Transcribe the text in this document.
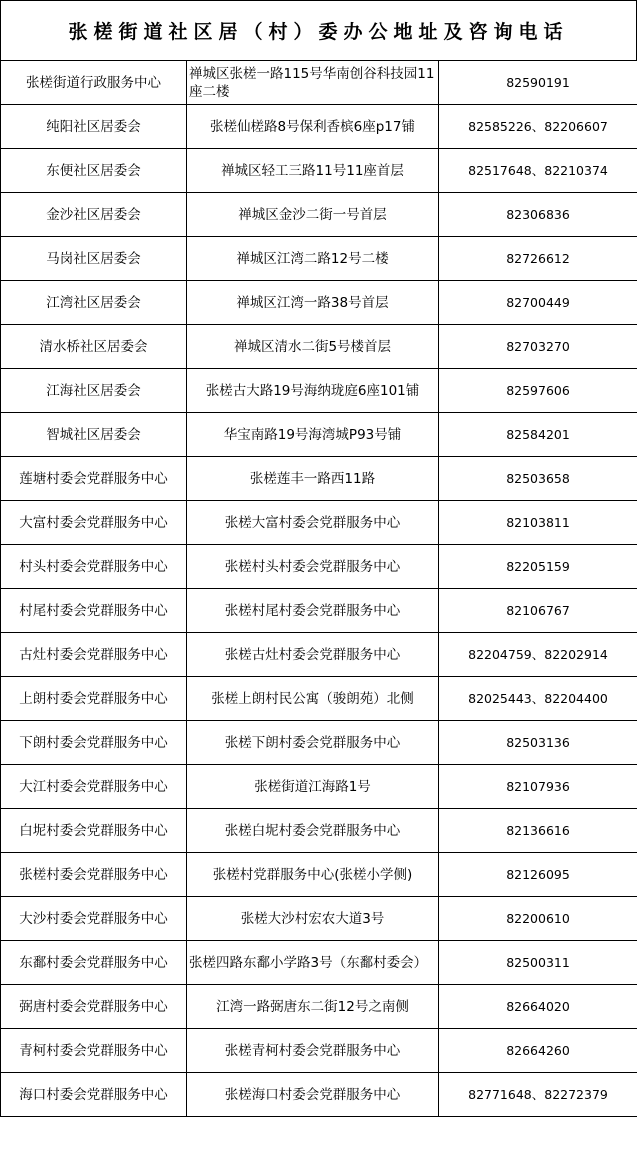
张槎街道社区居（村）委办公地址及咨询电话
张槎街道行政服务中心	禅城区张槎一路115号华南创谷科技园11座二楼	82590191
纯阳社区居委会	张槎仙槎路8号保利香槟6座p17铺	82585226、82206607
东便社区居委会	禅城区轻工三路11号11座首层	82517648、82210374
金沙社区居委会	禅城区金沙二街一号首层	82306836
马岗社区居委会	禅城区江湾二路12号二楼	82726612
江湾社区居委会	禅城区江湾一路38号首层	82700449
清水桥社区居委会	禅城区清水二街5号楼首层	82703270
江海社区居委会	张槎古大路19号海纳珑庭6座101铺	82597606
智城社区居委会	华宝南路19号海湾城P93号铺	82584201
莲塘村委会党群服务中心	张槎莲丰一路西11路	82503658
大富村委会党群服务中心	张槎大富村委会党群服务中心	82103811
村头村委会党群服务中心	张槎村头村委会党群服务中心	82205159
村尾村委会党群服务中心	张槎村尾村委会党群服务中心	82106767
古灶村委会党群服务中心	张槎古灶村委会党群服务中心	82204759、82202914
上朗村委会党群服务中心	张槎上朗村民公寓（骏朗苑）北侧	82025443、82204400
下朗村委会党群服务中心	张槎下朗村委会党群服务中心	82503136
大江村委会党群服务中心	张槎街道江海路1号	82107936
白坭村委会党群服务中心	张槎白坭村委会党群服务中心	82136616
张槎村委会党群服务中心	张槎村党群服务中心(张槎小学侧)	82126095
大沙村委会党群服务中心	张槎大沙村宏农大道3号	82200610
东鄱村委会党群服务中心	张槎四路东鄱小学路3号（东鄱村委会）	82500311
弼唐村委会党群服务中心	江湾一路弼唐东二街12号之南侧	82664020
青柯村委会党群服务中心	张槎青柯村委会党群服务中心	82664260
海口村委会党群服务中心	张槎海口村委会党群服务中心	82771648、82272379
